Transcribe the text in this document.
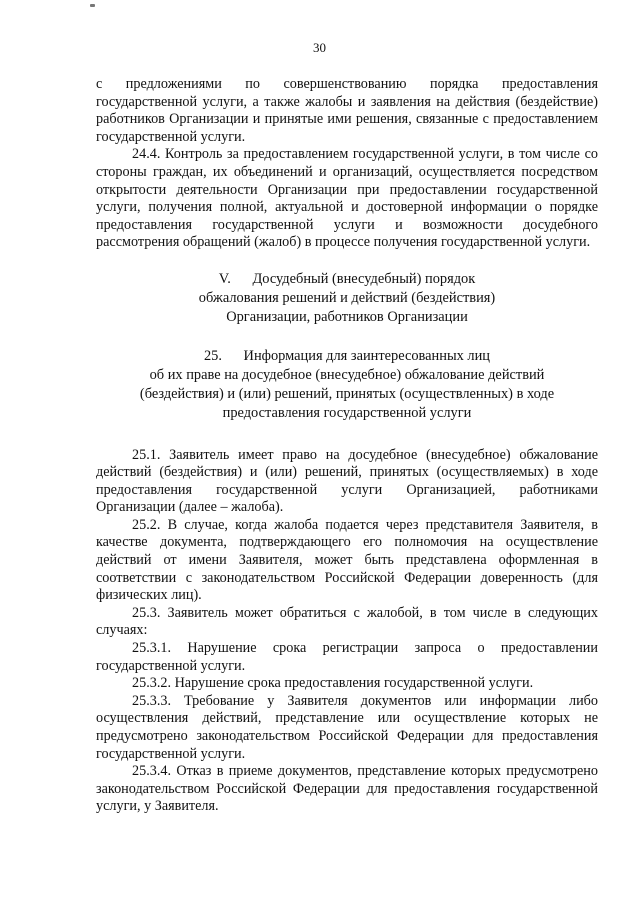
30

с предложениями по совершенствованию порядка предоставления государственной услуги, а также жалобы и заявления на действия (бездействие) работников Организации и принятые ими решения, связанные с предоставлением государственной услуги.

24.4. Контроль за предоставлением государственной услуги, в том числе со стороны граждан, их объединений и организаций, осуществляется посредством открытости деятельности Организации при предоставлении государственной услуги, получения полной, актуальной и достоверной информации о порядке предоставления государственной услуги и возможности досудебного рассмотрения обращений (жалоб) в процессе получения государственной услуги.

V.      Досудебный (внесудебный) порядок
обжалования решений и действий (бездействия)
Организации, работников Организации
25.      Информация для заинтересованных лиц
об их праве на досудебное (внесудебное) обжалование действий
(бездействия) и (или) решений, принятых (осуществленных) в ходе
предоставления государственной услуги

25.1. Заявитель имеет право на досудебное (внесудебное) обжалование действий (бездействия) и (или) решений, принятых (осуществляемых) в ходе предоставления государственной услуги Организацией, работниками Организации (далее – жалоба).

25.2. В случае, когда жалоба подается через представителя Заявителя, в качестве документа, подтверждающего его полномочия на осуществление действий от имени Заявителя, может быть представлена оформленная в соответствии с законодательством Российской Федерации доверенность (для физических лиц).

25.3. Заявитель может обратиться с жалобой, в том числе в следующих случаях:

25.3.1. Нарушение срока регистрации запроса о предоставлении государственной услуги.

25.3.2. Нарушение срока предоставления государственной услуги.

25.3.3. Требование у Заявителя документов или информации либо осуществления действий, представление или осуществление которых не предусмотрено законодательством Российской Федерации для предоставления государственной услуги.

25.3.4. Отказ в приеме документов, представление которых предусмотрено законодательством Российской Федерации для предоставления государственной услуги, у Заявителя.
